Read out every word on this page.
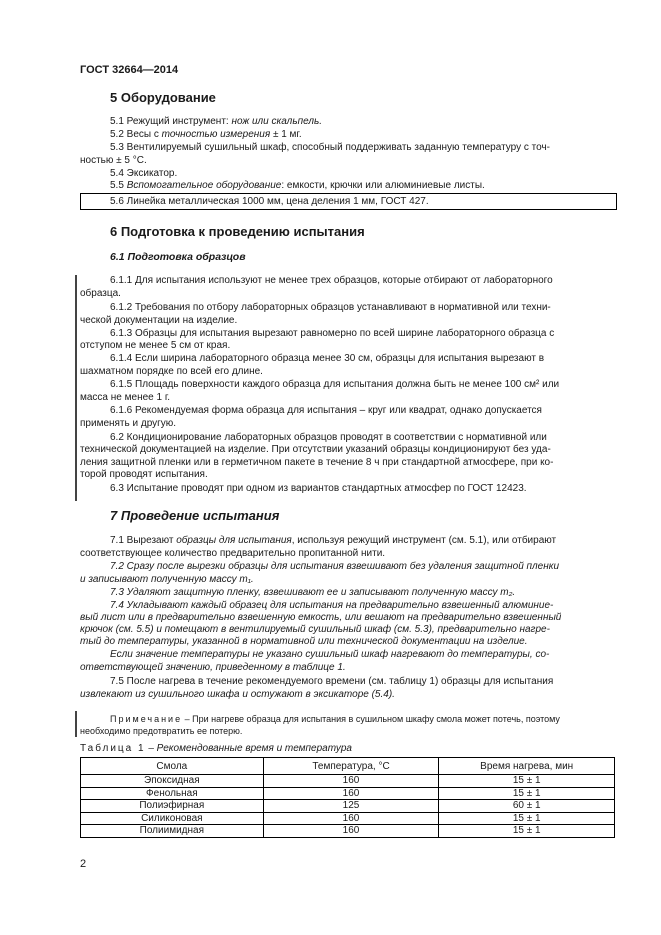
ГОСТ 32664—2014
5 Оборудование
5.1 Режущий инструмент: нож или скальпель.
5.2 Весы с точностью измерения ± 1 мг.
5.3 Вентилируемый сушильный шкаф, способный поддерживать заданную температуру с точ-
ностью ± 5 °С.
5.4 Эксикатор.
5.5 Вспомогательное оборудование: емкости, крючки или алюминиевые листы.
5.6 Линейка металлическая 1000 мм, цена деления 1 мм, ГОСТ 427.
6 Подготовка к проведению испытания
6.1 Подготовка образцов
6.1.1 Для испытания используют не менее трех образцов, которые отбирают от лабораторного
образца.
6.1.2 Требования по отбору лабораторных образцов устанавливают в нормативной или техни-
ческой документации на изделие.
6.1.3 Образцы для испытания вырезают равномерно по всей ширине лабораторного образца с
отступом не менее 5 см от края.
6.1.4 Если ширина лабораторного образца менее 30 см, образцы для испытания вырезают в
шахматном порядке по всей его длине.
6.1.5 Площадь поверхности каждого образца для испытания должна быть не менее 100 см² или
масса не менее 1 г.
6.1.6 Рекомендуемая форма образца для испытания – круг или квадрат, однако допускается
применять и другую.
6.2 Кондиционирование лабораторных образцов проводят в соответствии с нормативной или
технической документацией на изделие. При отсутствии указаний образцы кондиционируют без уда-
ления защитной пленки или в герметичном пакете в течение 8 ч при стандартной атмосфере, при ко-
торой проводят испытания.
6.3 Испытание проводят при одном из вариантов стандартных атмосфер по ГОСТ 12423.
7 Проведение испытания
7.1 Вырезают образцы для испытания, используя режущий инструмент (см. 5.1), или отбирают
соответствующее количество предварительно пропитанной нити.
7.2 Сразу после вырезки образцы для испытания взвешивают без удаления защитной пленки
и записывают полученную массу m₁.
7.3 Удаляют защитную пленку, взвешивают ее и записывают полученную массу m₂.
7.4 Укладывают каждый образец для испытания на предварительно взвешенный алюминие-
вый лист или в предварительно взвешенную емкость, или вешают на предварительно взвешенный
крючок (см. 5.5) и помещают в вентилируемый сушильный шкаф (см. 5.3), предварительно нагре-
тый до температуры, указанной в нормативной или технической документации на изделие.
Если значение температуры не указано сушильный шкаф нагревают до температуры, со-
ответствующей значению, приведенному в таблице 1.
7.5 После нагрева в течение рекомендуемого времени (см. таблицу 1) образцы для испытания
извлекают из сушильного шкафа и остужают в эксикаторе (5.4).
Примечание – При нагреве образца для испытания в сушильном шкафу смола может потечь, поэтому
необходимо предотвратить ее потерю.
Таблица 1 – Рекомендованные время и температура
Смола	Температура, °С	Время нагрева, мин
Эпоксидная	160	15 ± 1
Фенольная	160	15 ± 1
Полиэфирная	125	60 ± 1
Силиконовая	160	15 ± 1
Полиимидная	160	15 ± 1
2
